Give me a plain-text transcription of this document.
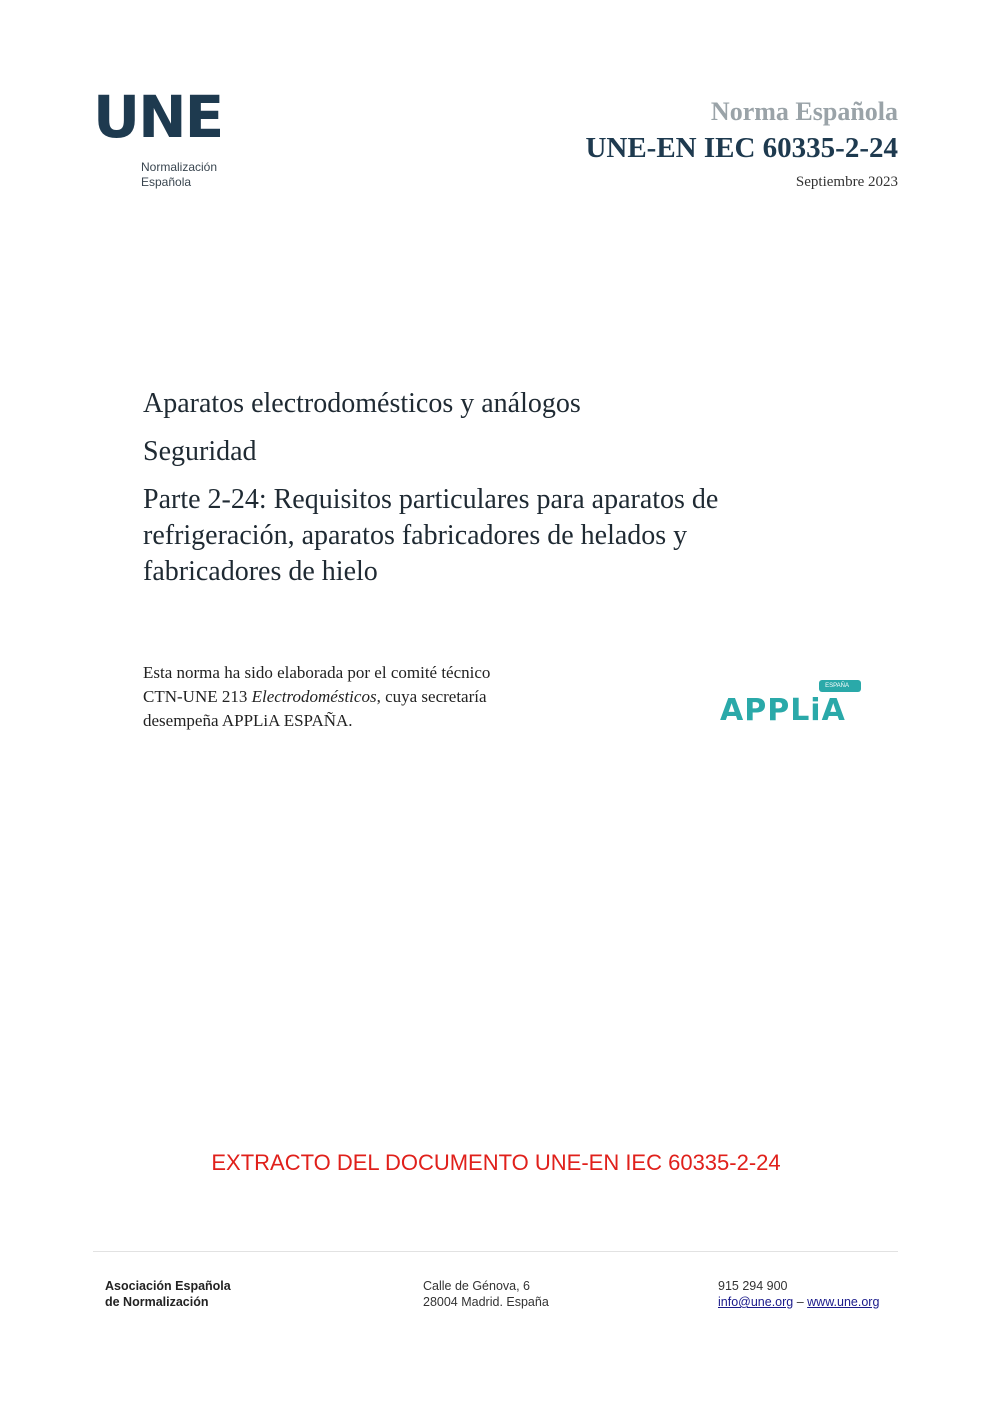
UNE
Normalización
Española
Norma Española
UNE-EN IEC 60335-2-24
Septiembre 2023
Aparatos electrodomésticos y análogos
Seguridad
Parte 2-24: Requisitos particulares para aparatos de
refrigeración, aparatos fabricadores de helados y
fabricadores de hielo
Esta norma ha sido elaborada por el comité técnico
CTN-UNE 213 Electrodomésticos, cuya secretaría
desempeña APPLiA ESPAÑA.
ESPAÑA
APPLiA
EXTRACTO DEL DOCUMENTO UNE-EN IEC 60335-2-24
Asociación Española
de Normalización
Calle de Génova, 6
28004 Madrid. España
915 294 900
info@une.org – www.une.org
